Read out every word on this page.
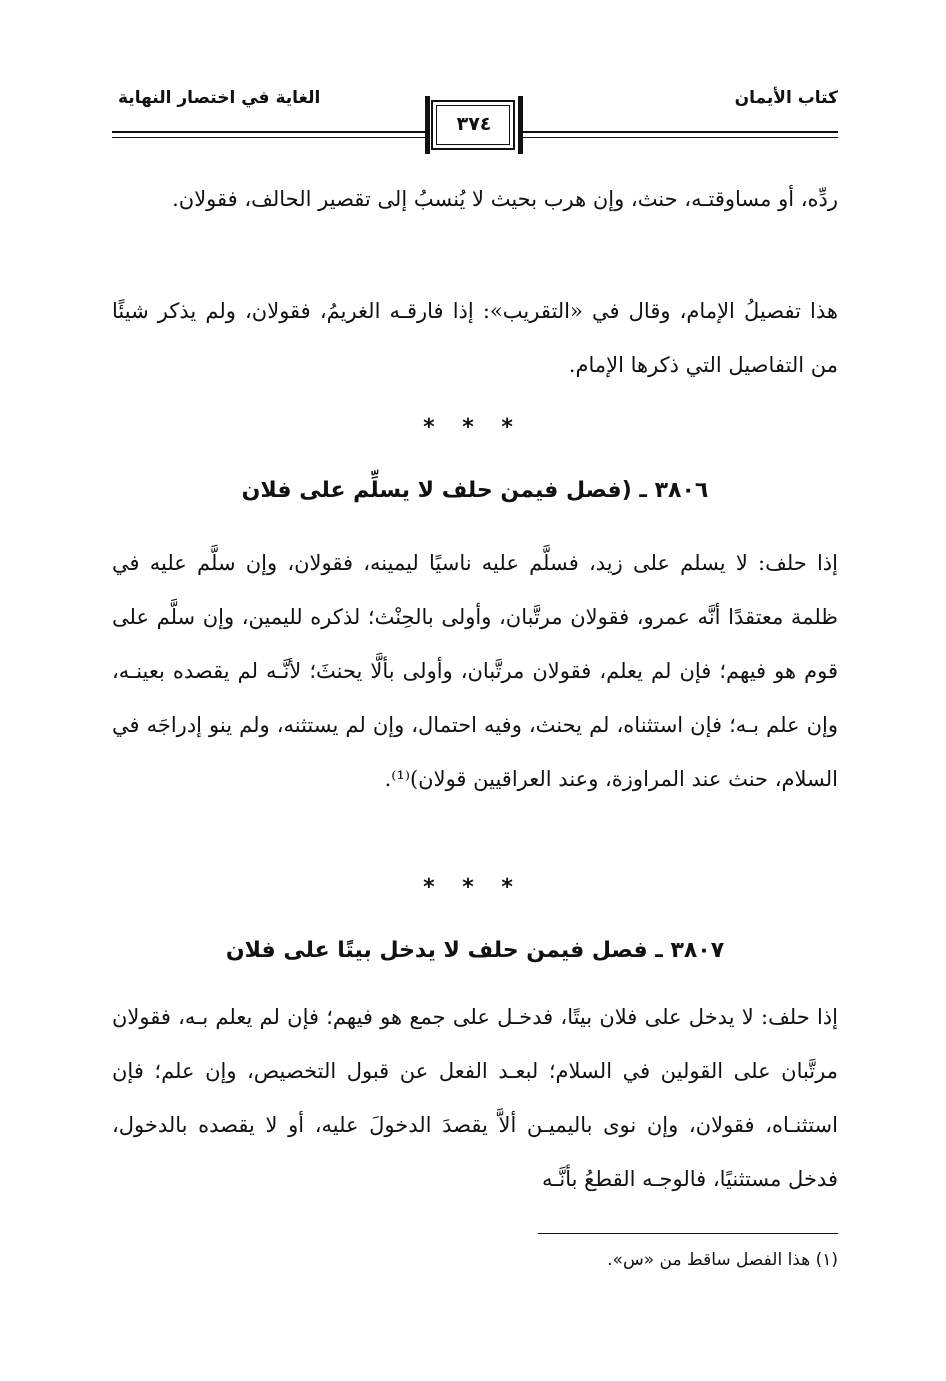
كتاب الأيمان
الغاية في اختصار النهاية
٣٧٤
ردِّه، أو مساوقتـه، حنث، وإن هرب بحيث لا يُنسبُ إلى تقصير الحالف، فقولان.
هذا تفصيلُ الإمام، وقال في «التقريب»: إذا فارقـه الغريمُ، فقولان، ولم يذكر شيئًا من التفاصيل التي ذكرها الإمام.
* * *
٣٨٠٦ ـ (فصل فيمن حلف لا يسلِّم على فلان
إذا حلف: لا يسلم على زيد، فسلَّم عليه ناسيًا ليمينه، فقولان، وإن سلَّم عليه في ظلمة معتقدًا أنَّه عمرو، فقولان مرتَّبان، وأولى بالحِنْث؛ لذكره لليمين، وإن سلَّم على قوم هو فيهم؛ فإن لم يعلم، فقولان مرتَّبان، وأولى بألَّا يحنثَ؛ لأنَّـه لم يقصده بعينـه، وإن علم بـه؛ فإن استثناه، لم يحنث، وفيه احتمال، وإن لم يستثنه، ولم ينو إدراجَه في السلام، حنث عند المراوزة، وعند العراقيين قولان)⁽¹⁾.
* * *
٣٨٠٧ ـ فصل فيمن حلف لا يدخل بيتًا على فلان
إذا حلف: لا يدخل على فلان بيتًا، فدخـل على جمع هو فيهم؛ فإن لم يعلم بـه، فقولان مرتَّبان على القولين في السلام؛ لبعـد الفعل عن قبول التخصيص، وإن علم؛ فإن استثنـاه، فقولان، وإن نوى باليميـن ألاَّ يقصدَ الدخولَ عليه، أو لا يقصده بالدخول، فدخل مستثنيًا، فالوجـه القطعُ بأنَّـه
(١) هذا الفصل ساقط من «س».
